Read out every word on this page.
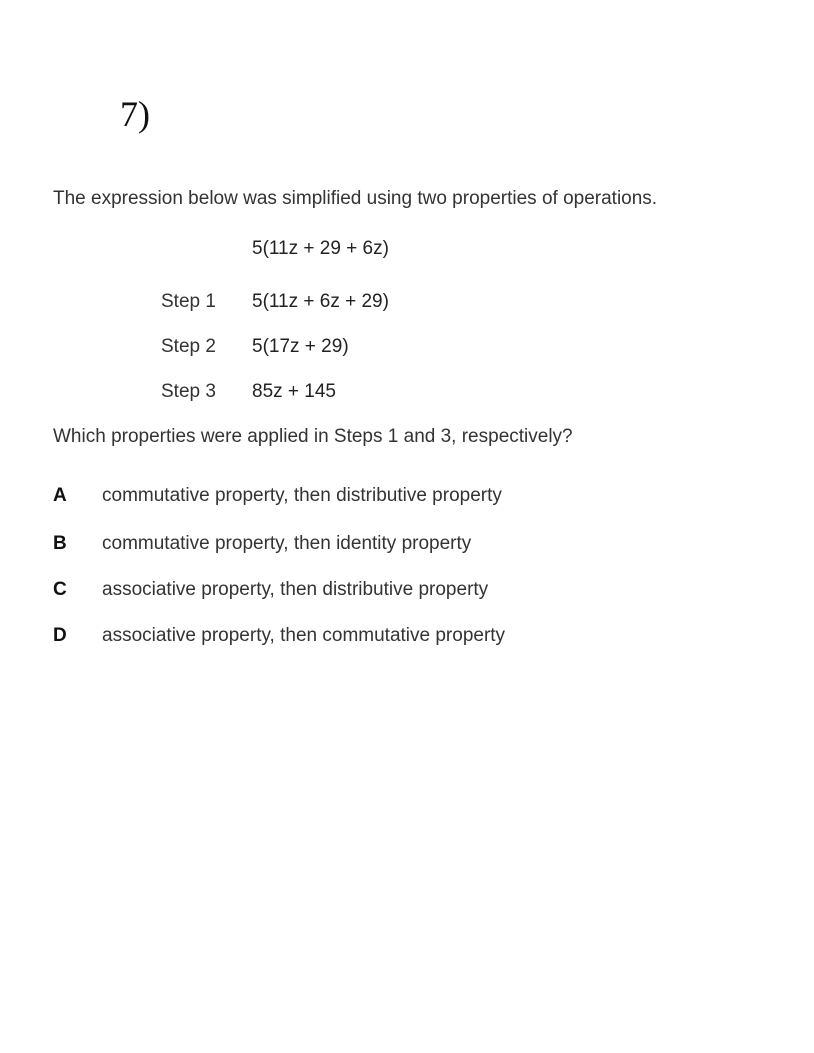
7)
The expression below was simplified using two properties of operations.
5(11z + 29 + 6z)
Step 1 5(11z + 6z + 29)
Step 2 5(17z + 29)
Step 3 85z + 145
Which properties were applied in Steps 1 and 3, respectively?
A commutative property, then distributive property
B commutative property, then identity property
C associative property, then distributive property
D associative property, then commutative property
